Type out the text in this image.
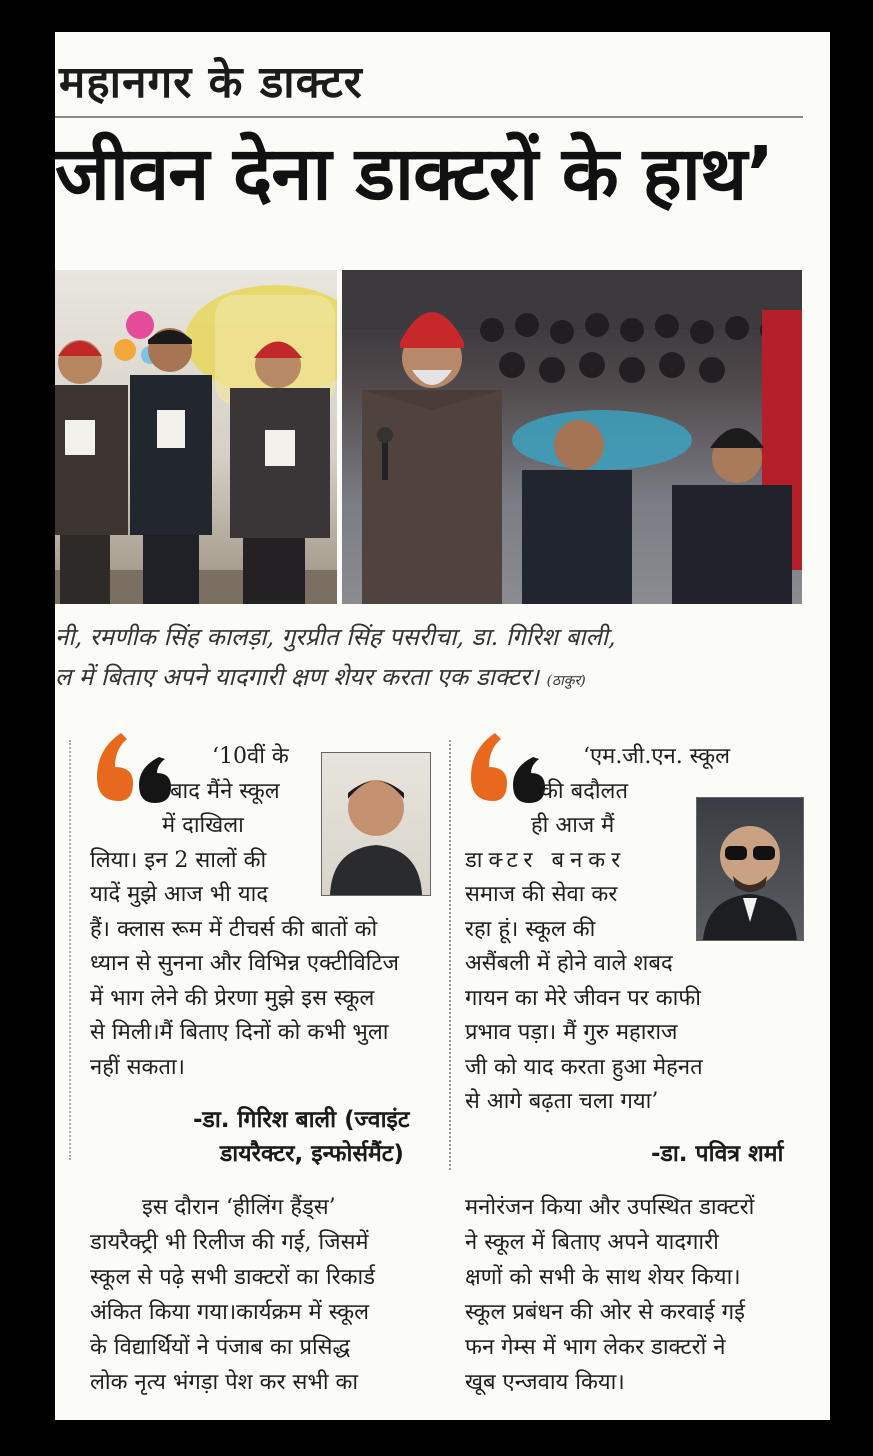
महानगर के डाक्टर
जीवन देना डाक्टरों के हाथ’
नी, रमणीक सिंह कालड़ा, गुरप्रीत सिंह पसरीचा, डा. गिरिश बाली,
ल में बिताए अपने यादगारी क्षण शेयर करता एक डाक्टर। (ठाकुर)
‘10वीं के
बाद मैंने स्कूल
में दाखिला
लिया। इन 2 सालों की
यादें मुझे आज भी याद
हैं। क्लास रूम में टीचर्स की बातों को
ध्यान से सुनना और विभिन्न एक्टीविटिज
में भाग लेने की प्रेरणा मुझे इस स्कूल
से मिली।मैं बिताए दिनों को कभी भुला
नहीं सकता।
-डा. गिरिश बाली (ज्वाइंट
डायरैक्टर, इन्फोर्समैंट)
‘एम.जी.एन. स्कूल
की बदौलत
ही आज मैं
डाक्टर बनकर
समाज की सेवा कर
रहा हूं। स्कूल की
असैंबली में होने वाले शबद
गायन का मेरे जीवन पर काफी
प्रभाव पड़ा। मैं गुरु महाराज
जी को याद करता हुआ मेहनत
से आगे बढ़ता चला गया’
-डा. पवित्र शर्मा
इस दौरान ‘हीलिंग हैंड्स’
डायरैक्ट्री भी रिलीज की गई, जिसमें
स्कूल से पढ़े सभी डाक्टरों का रिकार्ड
अंकित किया गया।कार्यक्रम में स्कूल
के विद्यार्थियों ने पंजाब का प्रसिद्ध
लोक नृत्य भंगड़ा पेश कर सभी का
मनोरंजन किया और उपस्थित डाक्टरों
ने स्कूल में बिताए अपने यादगारी
क्षणों को सभी के साथ शेयर किया।
स्कूल प्रबंधन की ओर से करवाई गई
फन गेम्स में भाग लेकर डाक्टरों ने
खूब एन्जवाय किया।
